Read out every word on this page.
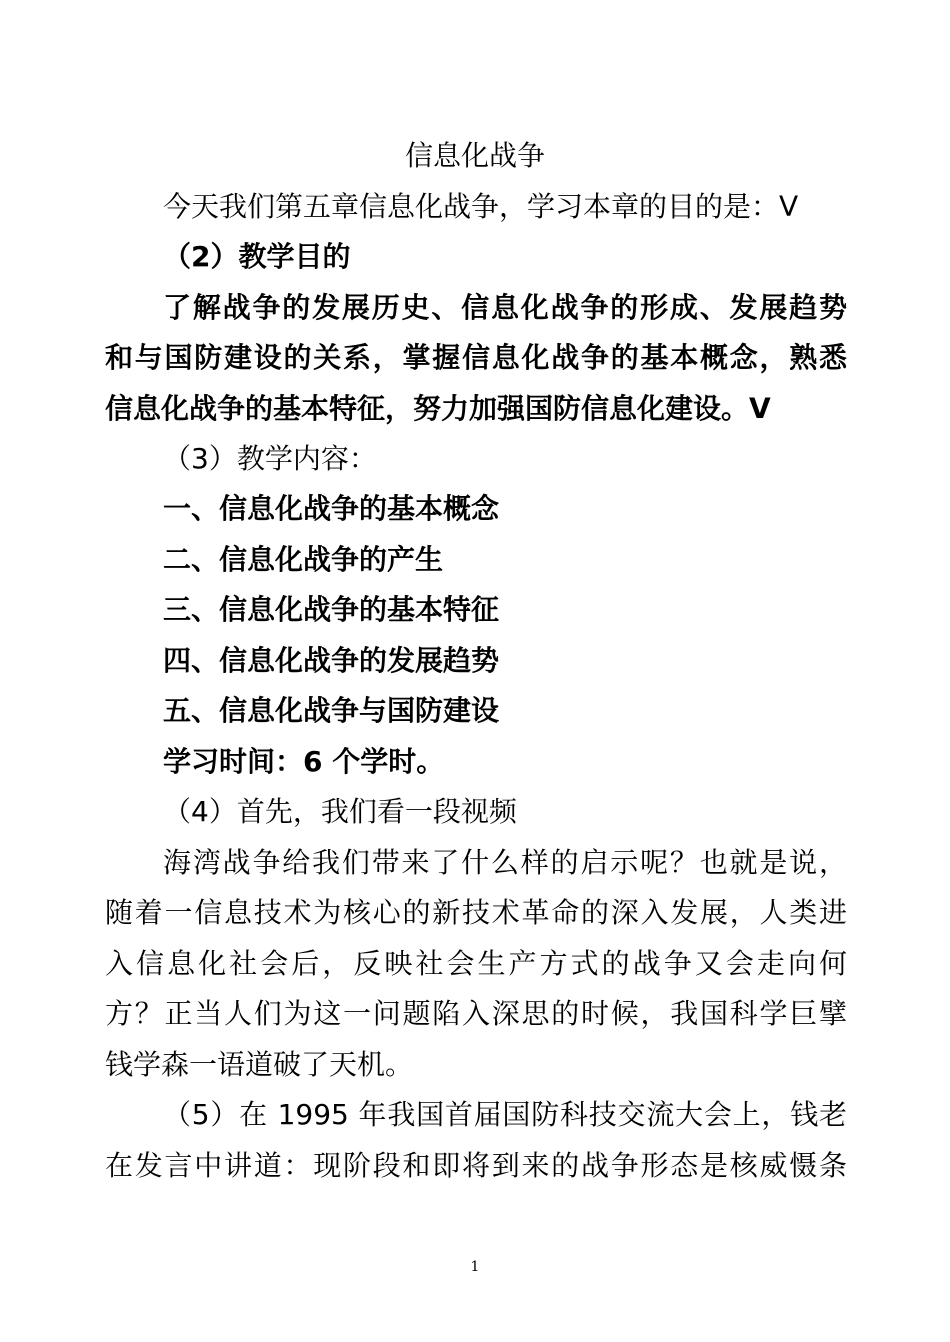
信息化战争
今天我们第五章信息化战争，学习本章的目的是：ᐯ
（2）教学目的
了解战争的发展历史、信息化战争的形成、发展趋势
和与国防建设的关系，掌握信息化战争的基本概念，熟悉
信息化战争的基本特征，努力加强国防信息化建设。ᐯ
（3）教学内容：
一、信息化战争的基本概念
二、信息化战争的产生
三、信息化战争的基本特征
四、信息化战争的发展趋势
五、信息化战争与国防建设
学习时间：6 个学时。
（4）首先，我们看一段视频
海湾战争给我们带来了什么样的启示呢？也就是说，
随着一信息技术为核心的新技术革命的深入发展，人类进
入信息化社会后，反映社会生产方式的战争又会走向何
方？正当人们为这一问题陷入深思的时候，我国科学巨擘
钱学森一语道破了天机。
（5）在 1995 年我国首届国防科技交流大会上，钱老
在发言中讲道：现阶段和即将到来的战争形态是核威慑条
1
